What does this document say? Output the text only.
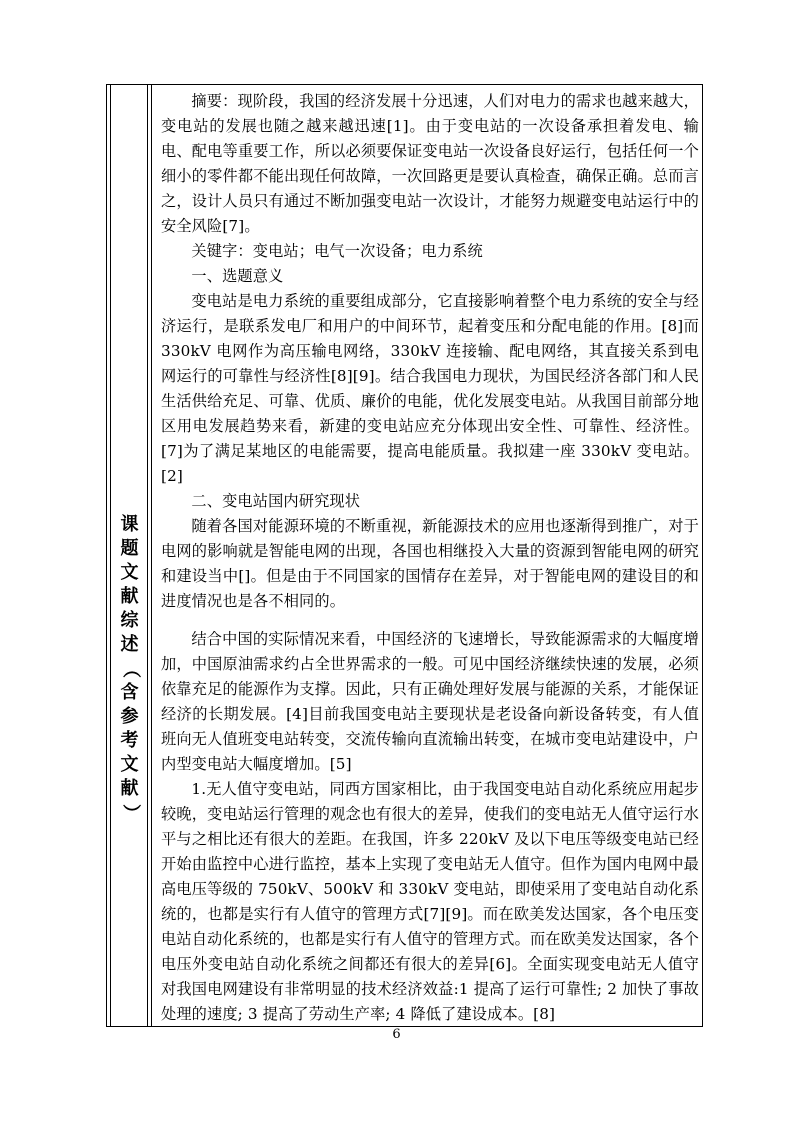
课
题
文
献
综
述
（
含
参
考
文
献
）

摘要：现阶段，我国的经济发展十分迅速，人们对电力的需求也越来越大，变电站的发展也随之越来越迅速[1]。由于变电站的一次设备承担着发电、输电、配电等重要工作，所以必须要保证变电站一次设备良好运行，包括任何一个细小的零件都不能出现任何故障，一次回路更是要认真检查，确保正确。总而言之，设计人员只有通过不断加强变电站一次设计，才能努力规避变电站运行中的安全风险[7]。

关键字：变电站；电气一次设备；电力系统

一、选题意义

变电站是电力系统的重要组成部分，它直接影响着整个电力系统的安全与经济运行，是联系发电厂和用户的中间环节，起着变压和分配电能的作用。[8]而 330kV 电网作为高压输电网络，330kV 连接输、配电网络，其直接关系到电网运行的可靠性与经济性[8][9]。结合我国电力现状，为国民经济各部门和人民生活供给充足、可靠、优质、廉价的电能，优化发展变电站。从我国目前部分地区用电发展趋势来看，新建的变电站应充分体现出安全性、可靠性、经济性。[7]为了满足某地区的电能需要，提高电能质量。我拟建一座 330kV 变电站。[2]

二、变电站国内研究现状

随着各国对能源环境的不断重视，新能源技术的应用也逐渐得到推广，对于电网的影响就是智能电网的出现，各国也相继投入大量的资源到智能电网的研究和建设当中[]。但是由于不同国家的国情存在差异，对于智能电网的建设目的和进度情况也是各不相同的。

结合中国的实际情况来看，中国经济的飞速增长，导致能源需求的大幅度增加，中国原油需求约占全世界需求的一般。可见中国经济继续快速的发展，必须依靠充足的能源作为支撑。因此，只有正确处理好发展与能源的关系，才能保证经济的长期发展。[4]目前我国变电站主要现状是老设备向新设备转变，有人值班向无人值班变电站转变，交流传输向直流输出转变，在城市变电站建设中，户内型变电站大幅度增加。[5]

1.无人值守变电站，同西方国家相比，由于我国变电站自动化系统应用起步较晚，变电站运行管理的观念也有很大的差异，使我们的变电站无人值守运行水平与之相比还有很大的差距。在我国，许多 220kV 及以下电压等级变电站已经开始由监控中心进行监控，基本上实现了变电站无人值守。但作为国内电网中最高电压等级的 750kV、500kV 和 330kV 变电站，即使采用了变电站自动化系统的，也都是实行有人值守的管理方式[7][9]。而在欧美发达国家，各个电压变电站自动化系统的，也都是实行有人值守的管理方式。而在欧美发达国家，各个电压外变电站自动化系统之间都还有很大的差异[6]。全面实现变电站无人值守对我国电网建设有非常明显的技术经济效益:1 提高了运行可靠性; 2 加快了事故处理的速度; 3 提高了劳动生产率; 4 降低了建设成本。[8]

6
